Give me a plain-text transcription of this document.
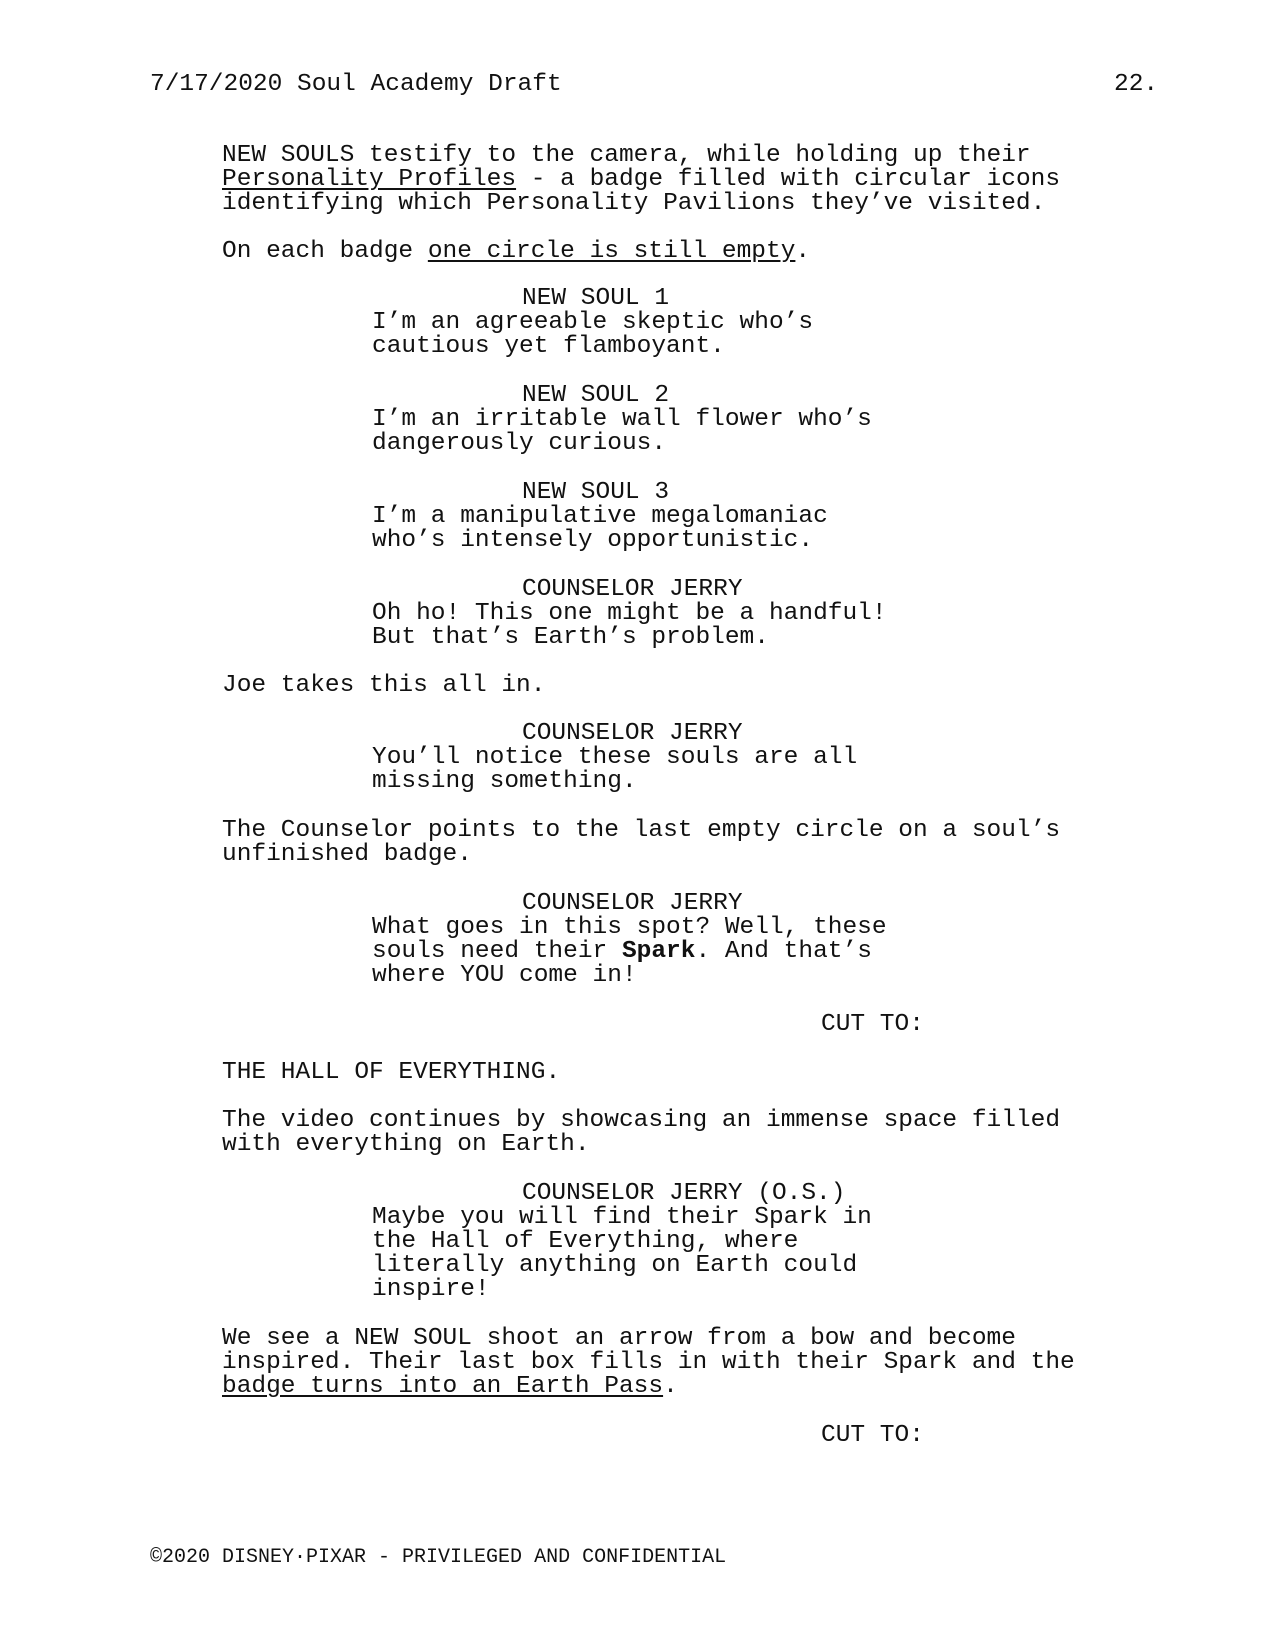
7/17/2020 Soul Academy Draft	22.
NEW SOULS testify to the camera, while holding up their
Personality Profiles - a badge filled with circular icons
identifying which Personality Pavilions they’ve visited.
On each badge one circle is still empty.
NEW SOUL 1
I’m an agreeable skeptic who’s
cautious yet flamboyant.
NEW SOUL 2
I’m an irritable wall flower who’s
dangerously curious.
NEW SOUL 3
I’m a manipulative megalomaniac
who’s intensely opportunistic.
COUNSELOR JERRY
Oh ho! This one might be a handful!
But that’s Earth’s problem.
Joe takes this all in.
COUNSELOR JERRY
You’ll notice these souls are all
missing something.
The Counselor points to the last empty circle on a soul’s
unfinished badge.
COUNSELOR JERRY
What goes in this spot? Well, these
souls need their Spark. And that’s
where YOU come in!
CUT TO:
THE HALL OF EVERYTHING.
The video continues by showcasing an immense space filled
with everything on Earth.
COUNSELOR JERRY (O.S.)
Maybe you will find their Spark in
the Hall of Everything, where
literally anything on Earth could
inspire!
We see a NEW SOUL shoot an arrow from a bow and become
inspired. Their last box fills in with their Spark and the
badge turns into an Earth Pass.
CUT TO:
©2020 DISNEY·PIXAR - PRIVILEGED AND CONFIDENTIAL
